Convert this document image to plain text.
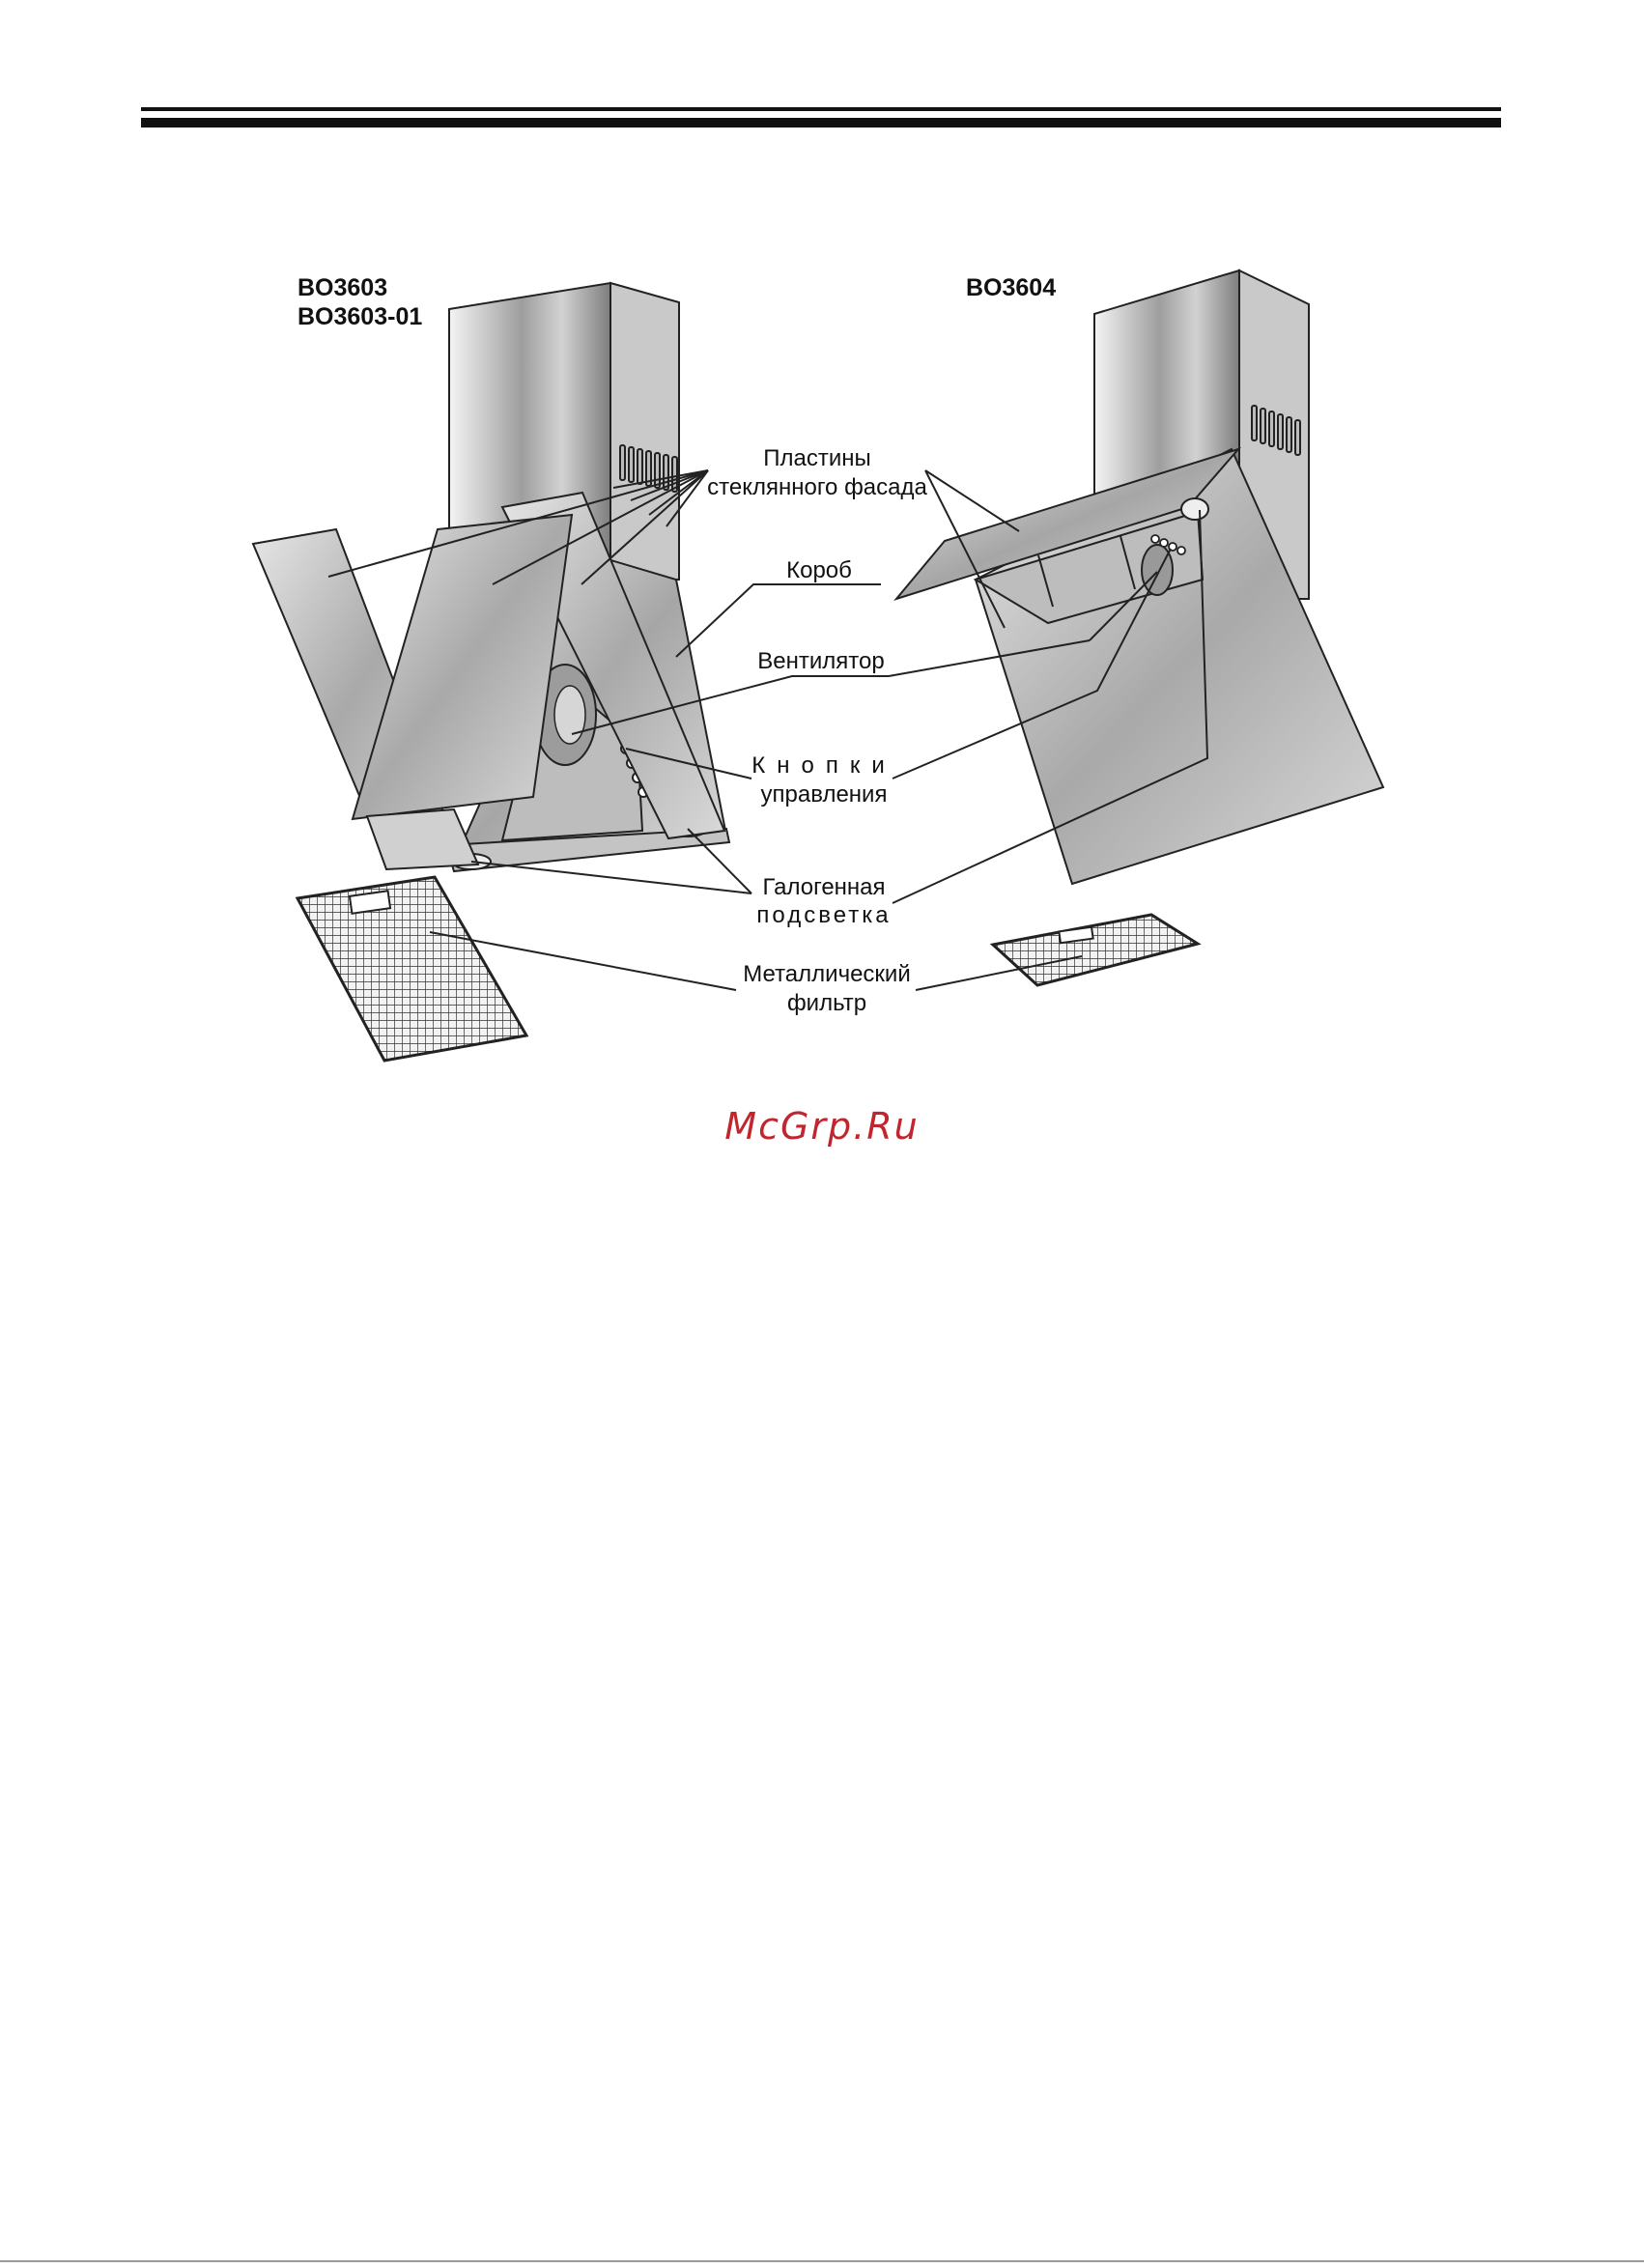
BO3603
BO3603-01
BO3604
Пластины
стеклянного фасада
Короб
Вентилятор
Кнопки
управления
Галогенная
подсветка
Металлический
фильтр
McGrp.Ru
